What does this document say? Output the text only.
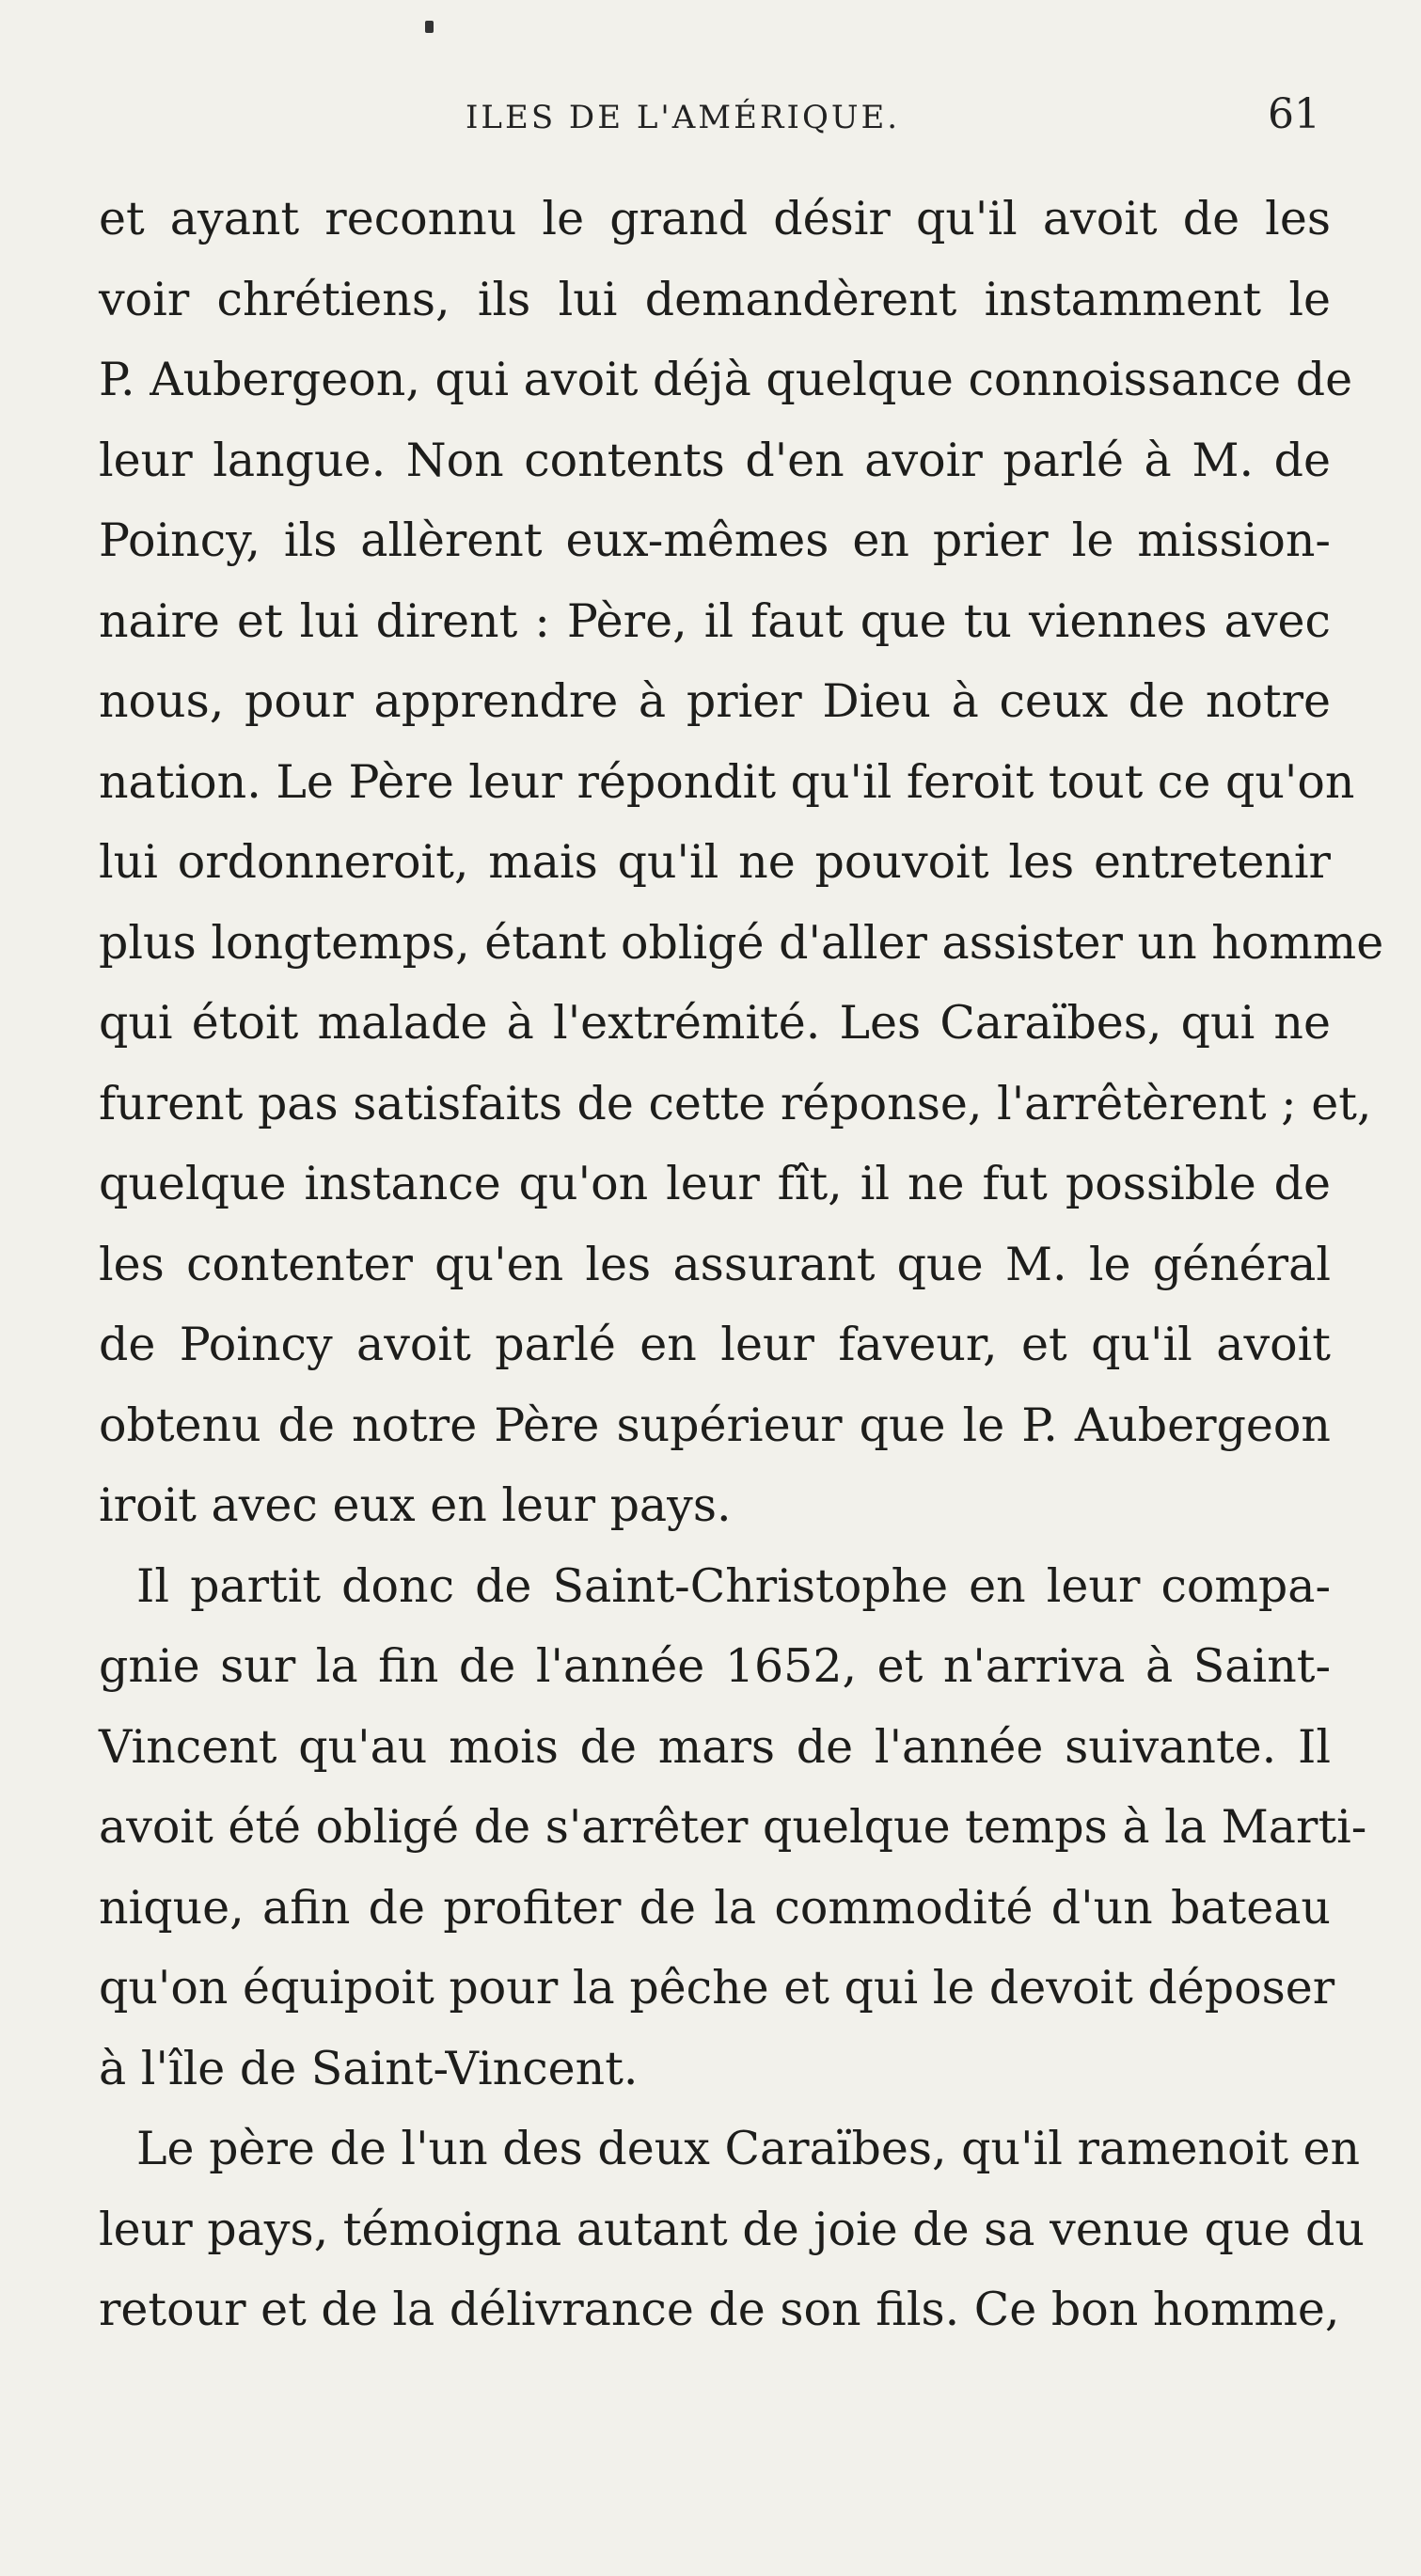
ILES DE L'AMÉRIQUE.	61
et ayant reconnu le grand désir qu'il avoit de les
voir chrétiens, ils lui demandèrent instamment le
P. Aubergeon, qui avoit déjà quelque connoissance de
leur langue. Non contents d'en avoir parlé à M. de
Poincy, ils allèrent eux-mêmes en prier le mission-
naire et lui dirent : Père, il faut que tu viennes avec
nous, pour apprendre à prier Dieu à ceux de notre
nation. Le Père leur répondit qu'il feroit tout ce qu'on
lui ordonneroit, mais qu'il ne pouvoit les entretenir
plus longtemps, étant obligé d'aller assister un homme
qui étoit malade à l'extrémité. Les Caraïbes, qui ne
furent pas satisfaits de cette réponse, l'arrêtèrent ; et,
quelque instance qu'on leur fît, il ne fut possible de
les contenter qu'en les assurant que M. le général
de Poincy avoit parlé en leur faveur, et qu'il avoit
obtenu de notre Père supérieur que le P. Aubergeon
iroit avec eux en leur pays.
Il partit donc de Saint-Christophe en leur compa-
gnie sur la fin de l'année 1652, et n'arriva à Saint-
Vincent qu'au mois de mars de l'année suivante. Il
avoit été obligé de s'arrêter quelque temps à la Marti-
nique, afin de profiter de la commodité d'un bateau
qu'on équipoit pour la pêche et qui le devoit déposer
à l'île de Saint-Vincent.
Le père de l'un des deux Caraïbes, qu'il ramenoit en
leur pays, témoigna autant de joie de sa venue que du
retour et de la délivrance de son fils. Ce bon homme,
